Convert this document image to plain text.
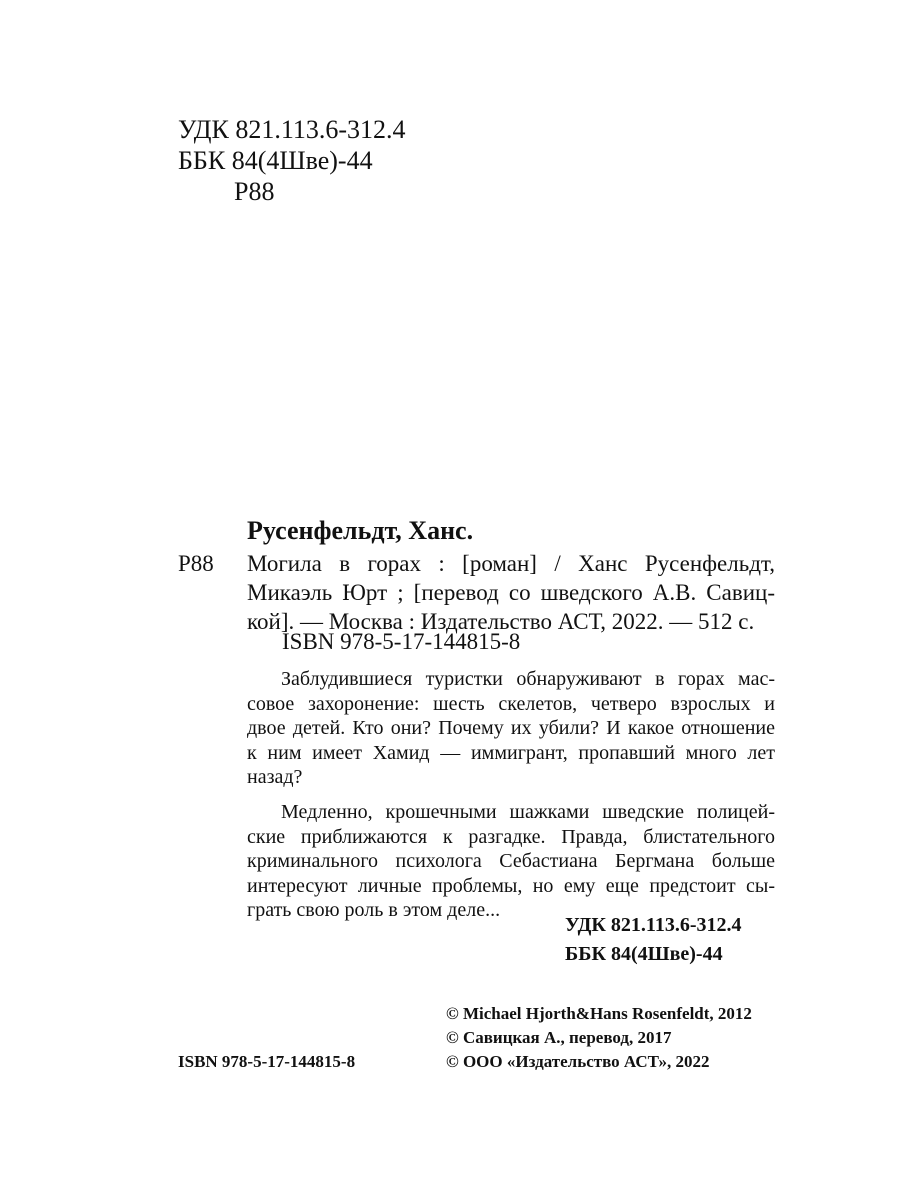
УДК 821.113.6-312.4
ББК 84(4Шве)-44
Р88
Русенфельдт, Ханс.
Р88 Могила в горах : [роман] / Ханс Русенфельдт,
Микаэль Юрт ; [перевод со шведского А.В. Савиц-
кой]. — Москва : Издательство АСТ, 2022. — 512 с.
ISBN 978-5-17-144815-8
Заблудившиеся туристки обнаруживают в горах мас-
совое захоронение: шесть скелетов, четверо взрослых и
двое детей. Кто они? Почему их убили? И какое отношение
к ним имеет Хамид — иммигрант, пропавший много лет
назад?
Медленно, крошечными шажками шведские полицей-
ские приближаются к разгадке. Правда, блистательного
криминального психолога Себастиана Бергмана больше
интересуют личные проблемы, но ему еще предстоит сы-
грать свою роль в этом деле...
УДК 821.113.6-312.4
ББК 84(4Шве)-44
© Michael Hjorth&Hans Rosenfeldt, 2012
© Савицкая А., перевод, 2017
© ООО «Издательство АСТ», 2022
ISBN 978-5-17-144815-8
